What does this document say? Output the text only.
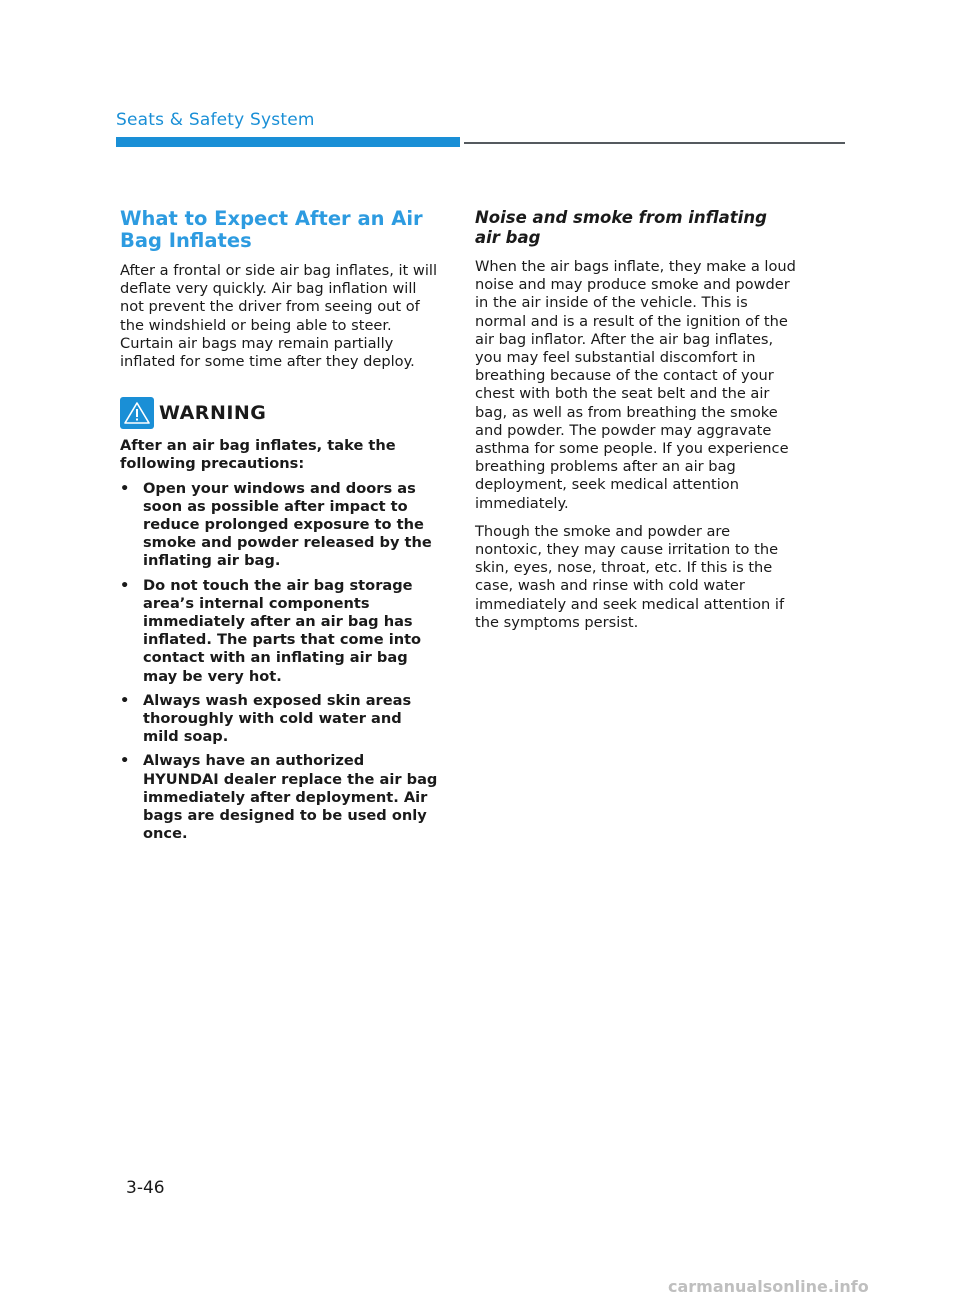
Seats & Safety System
What to Expect After an Air Bag Inflates

After a frontal or side air bag inflates, it will deflate very quickly. Air bag inflation will not prevent the driver from seeing out of the windshield or being able to steer. Curtain air bags may remain partially inflated for some time after they deploy.

WARNING

After an air bag inflates, take the following precautions:

• Open your windows and doors as soon as possible after impact to reduce prolonged exposure to the smoke and powder released by the inflating air bag.
• Do not touch the air bag storage area’s internal components immediately after an air bag has inflated. The parts that come into contact with an inflating air bag may be very hot.
• Always wash exposed skin areas thoroughly with cold water and mild soap.
• Always have an authorized HYUNDAI dealer replace the air bag immediately after deployment. Air bags are designed to be used only once.
Noise and smoke from inflating air bag

When the air bags inflate, they make a loud noise and may produce smoke and powder in the air inside of the vehicle. This is normal and is a result of the ignition of the air bag inflator. After the air bag inflates, you may feel substantial discomfort in breathing because of the contact of your chest with both the seat belt and the air bag, as well as from breathing the smoke and powder. The powder may aggravate asthma for some people. If you experience breathing problems after an air bag deployment, seek medical attention immediately.

Though the smoke and powder are nontoxic, they may cause irritation to the skin, eyes, nose, throat, etc. If this is the case, wash and rinse with cold water immediately and seek medical attention if the symptoms persist.

3-46
carmanualsonline.info
